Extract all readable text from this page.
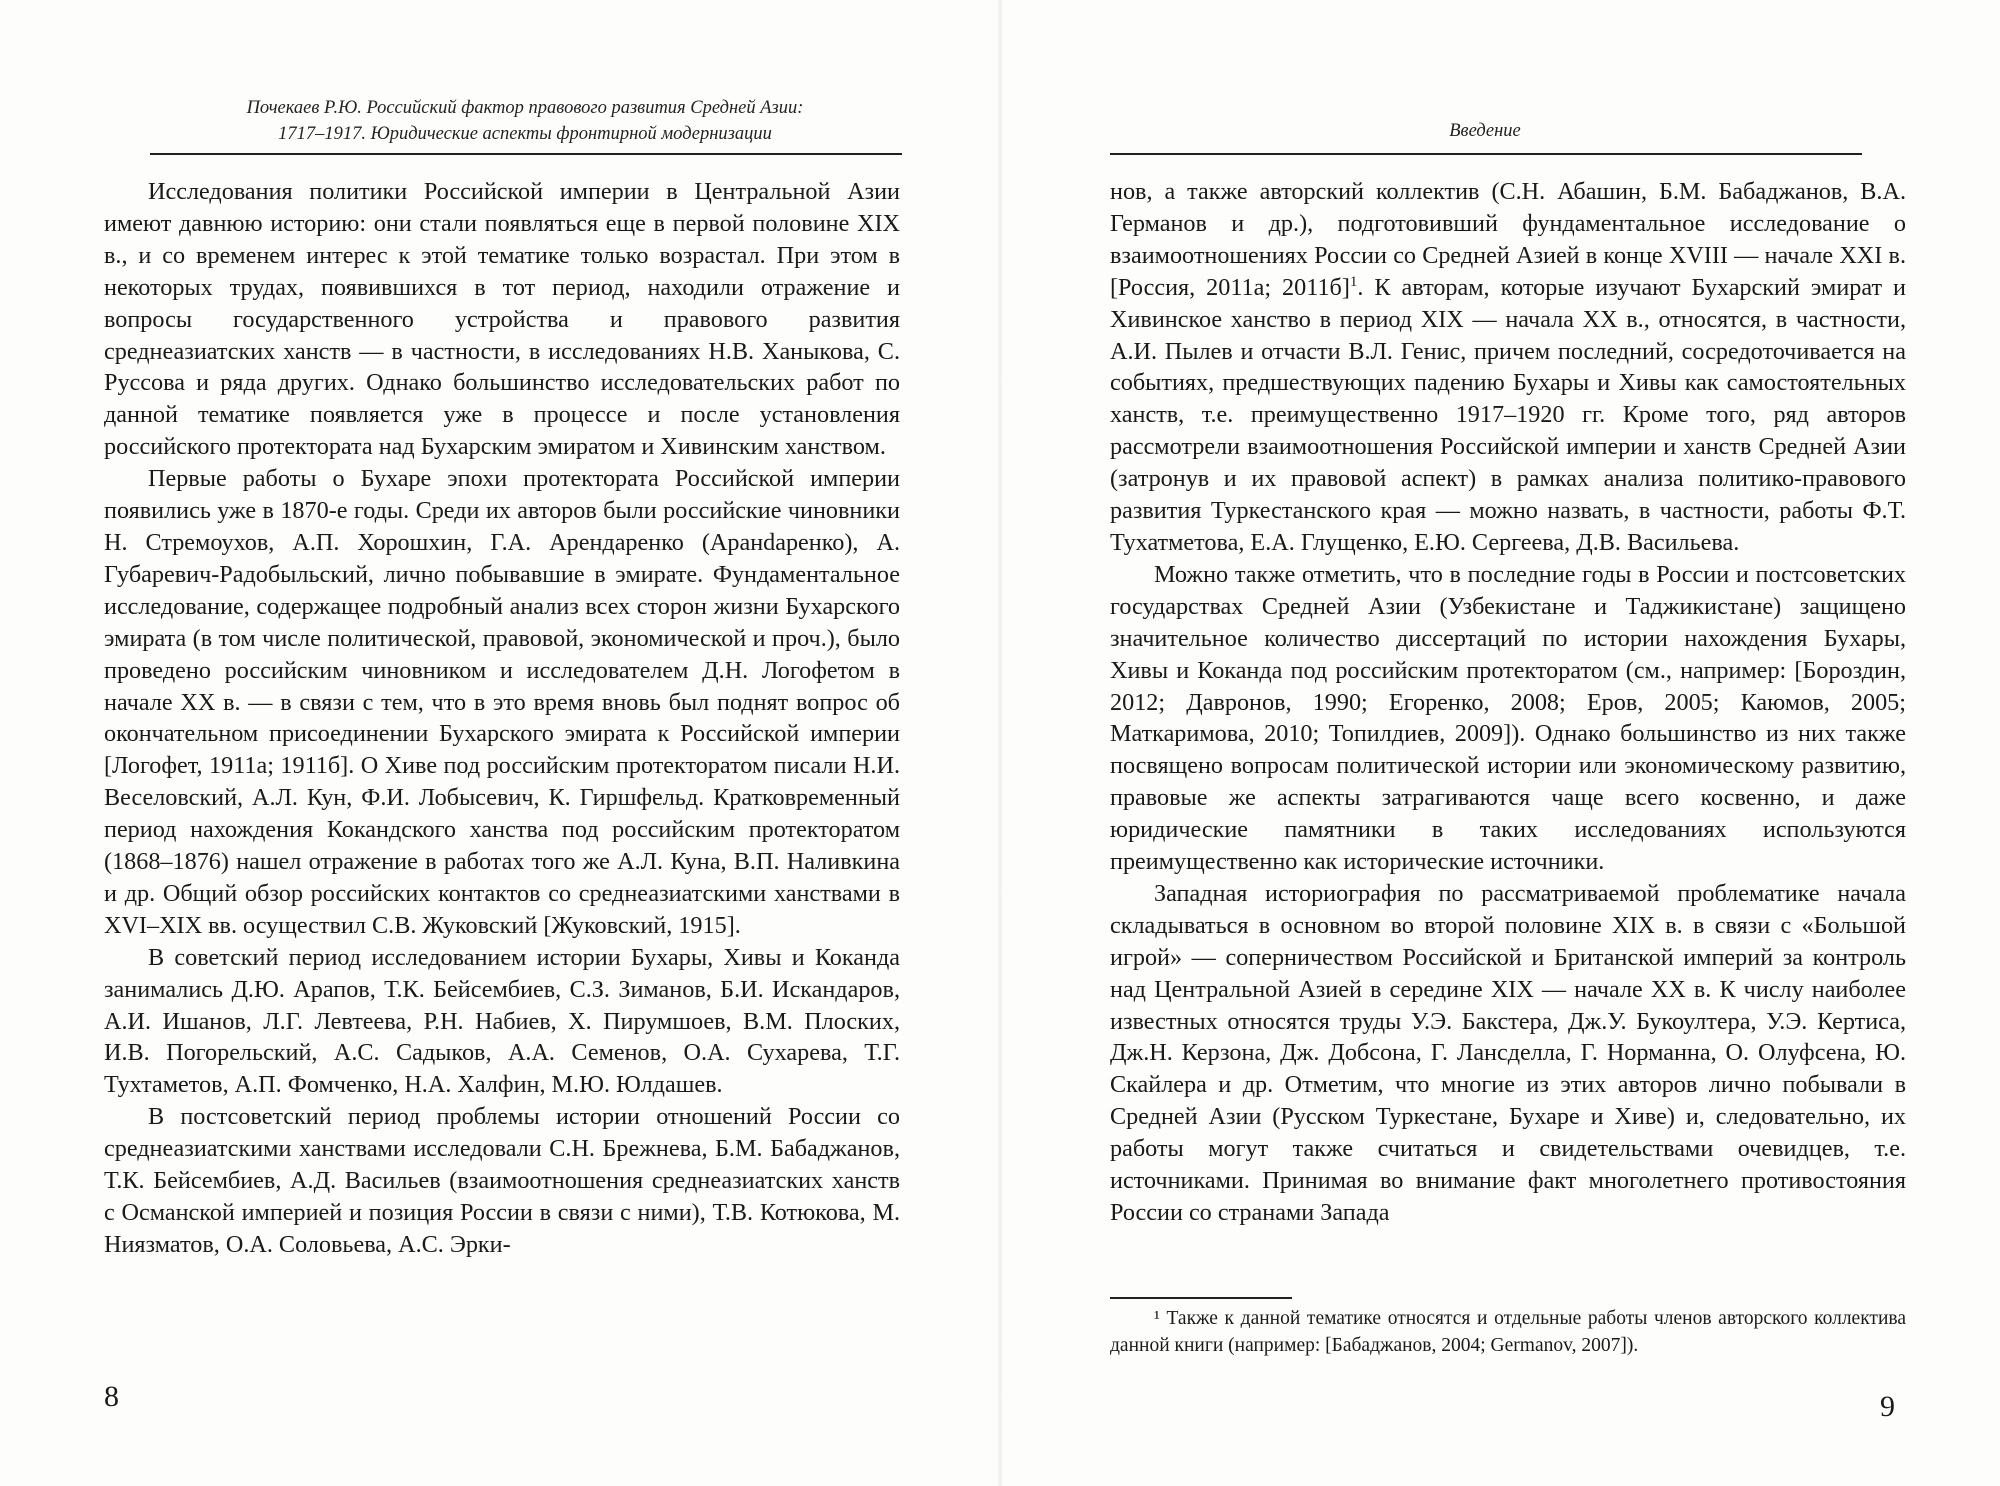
Почекаев Р.Ю. Российский фактор правового развития Средней Азии:
1717–1917. Юридические аспекты фронтирной модернизации

Исследования политики Российской империи в Центральной Азии имеют давнюю историю: они стали появляться еще в первой половине XIX в., и со временем интерес к этой тематике только возрастал. При этом в некоторых трудах, появившихся в тот период, находили отражение и вопросы государственного устройства и правового развития среднеазиатских ханств — в частности, в исследованиях Н.В. Ханыкова, С. Руссова и ряда других. Однако большинство исследовательских работ по данной тематике появляется уже в процессе и после установления российского протектората над Бухарским эмиратом и Хивинским ханством.

Первые работы о Бухаре эпохи протектората Российской империи появились уже в 1870-е годы. Среди их авторов были российские чиновники Н. Стремоухов, А.П. Хорошхин, Г.А. Арендаренко (Аранdаренко), А. Губаревич-Радобыльский, лично побывавшие в эмирате. Фундаментальное исследование, содержащее подробный анализ всех сторон жизни Бухарского эмирата (в том числе политической, правовой, экономической и проч.), было проведено российским чиновником и исследователем Д.Н. Логофетом в начале XX в. — в связи с тем, что в это время вновь был поднят вопрос об окончательном присоединении Бухарского эмирата к Российской империи [Логофет, 1911а; 1911б]. О Хиве под российским протекторатом писали Н.И. Веселовский, А.Л. Кун, Ф.И. Лобысевич, К. Гиршфельд. Кратковременный период нахождения Кокандского ханства под российским протекторатом (1868–1876) нашел отражение в работах того же А.Л. Куна, В.П. Наливкина и др. Общий обзор российских контактов со среднеазиатскими ханствами в XVI–XIX вв. осуществил С.В. Жуковский [Жуковский, 1915].

В советский период исследованием истории Бухары, Хивы и Коканда занимались Д.Ю. Арапов, Т.К. Бейсембиев, С.З. Зиманов, Б.И. Искандаров, А.И. Ишанов, Л.Г. Левтеева, Р.Н. Набиев, Х. Пирумшоев, В.М. Плоских, И.В. Погорельский, А.С. Садыков, А.А. Семенов, О.А. Сухарева, Т.Г. Тухтаметов, А.П. Фомченко, Н.А. Халфин, М.Ю. Юлдашев.

В постсоветский период проблемы истории отношений России со среднеазиатскими ханствами исследовали С.Н. Брежнева, Б.М. Бабаджанов, Т.К. Бейсембиев, А.Д. Васильев (взаимоотношения среднеазиатских ханств с Османской империей и позиция России в связи с ними), Т.В. Котюкова, М. Ниязматов, О.А. Соловьева, А.С. Эрки-

8
Введение

нов, а также авторский коллектив (С.Н. Абашин, Б.М. Бабаджанов, В.А. Германов и др.), подготовивший фундаментальное исследование о взаимоотношениях России со Средней Азией в конце XVIII — начале XXI в. [Россия, 2011а; 2011б]$^1$. К авторам, которые изучают Бухарский эмират и Хивинское ханство в период XIX — начала XX в., относятся, в частности, А.И. Пылев и отчасти В.Л. Генис, причем последний, сосредоточивается на событиях, предшествующих падению Бухары и Хивы как самостоятельных ханств, т.е. преимущественно 1917–1920 гг. Кроме того, ряд авторов рассмотрели взаимоотношения Российской империи и ханств Средней Азии (затронув и их правовой аспект) в рамках анализа политико-правового развития Туркестанского края — можно назвать, в частности, работы Ф.Т. Тухатметова, Е.А. Глущенко, Е.Ю. Сергеева, Д.В. Васильева.

Можно также отметить, что в последние годы в России и постсоветских государствах Средней Азии (Узбекистане и Таджикистане) защищено значительное количество диссертаций по истории нахождения Бухары, Хивы и Коканда под российским протекторатом (см., например: [Бороздин, 2012; Давронов, 1990; Егоренко, 2008; Еров, 2005; Каюмов, 2005; Маткаримова, 2010; Топилдиев, 2009]). Однако большинство из них также посвящено вопросам политической истории или экономическому развитию, правовые же аспекты затрагиваются чаще всего косвенно, и даже юридические памятники в таких исследованиях используются преимущественно как исторические источники.

Западная историография по рассматриваемой проблематике начала складываться в основном во второй половине XIX в. в связи с «Большой игрой» — соперничеством Российской и Британской империй за контроль над Центральной Азией в середине XIX — начале XX в. К числу наиболее известных относятся труды У.Э. Бакстера, Дж.У. Букоултера, У.Э. Кертиса, Дж.Н. Керзона, Дж. Добсона, Г. Лансделла, Г. Норманна, О. Олуфсена, Ю. Скайлера и др. Отметим, что многие из этих авторов лично побывали в Средней Азии (Русском Туркестане, Бухаре и Хиве) и, следовательно, их работы могут также считаться и свидетельствами очевидцев, т.е. источниками. Принимая во внимание факт многолетнего противостояния России со странами Запада

¹ Также к данной тематике относятся и отдельные работы членов авторского коллектива данной книги (например: [Бабаджанов, 2004; Germanov, 2007]).

9
